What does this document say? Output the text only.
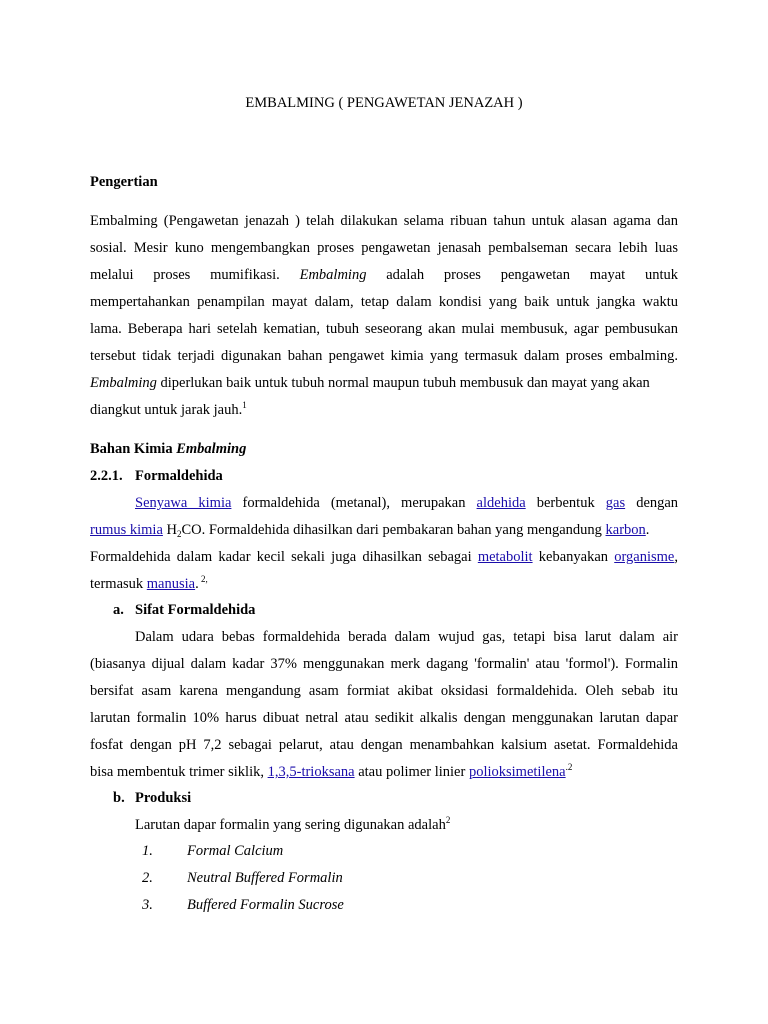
EMBALMING ( PENGAWETAN JENAZAH )
Pengertian
Embalming (Pengawetan jenazah ) telah dilakukan selama ribuan tahun untuk alasan agama dan
sosial. Mesir kuno mengembangkan proses pengawetan jenasah pembalseman secara lebih luas
melalui proses mumifikasi. Embalming adalah proses pengawetan mayat untuk
mempertahankan penampilan mayat dalam, tetap dalam kondisi yang baik untuk jangka waktu
lama. Beberapa hari setelah kematian, tubuh seseorang akan mulai membusuk, agar pembusukan
tersebut tidak terjadi digunakan bahan pengawet kimia yang termasuk dalam proses embalming.
Embalming diperlukan baik untuk tubuh normal maupun tubuh membusuk dan mayat yang akan
diangkut untuk jarak jauh.$^1$
Bahan Kimia Embalming
2.2.1. Formaldehida
Senyawa kimia formaldehida (metanal), merupakan aldehida berbentuk gas dengan
rumus kimia $H_2CO$. Formaldehida dihasilkan dari pembakaran bahan yang mengandung karbon.
Formaldehida dalam kadar kecil sekali juga dihasilkan sebagai metabolit kebanyakan organisme,
termasuk manusia. $^{2,}$
a. Sifat Formaldehida
Dalam udara bebas formaldehida berada dalam wujud gas, tetapi bisa larut dalam air
(biasanya dijual dalam kadar 37% menggunakan merk dagang 'formalin' atau 'formol'). Formalin
bersifat asam karena mengandung asam formiat akibat oksidasi formaldehida. Oleh sebab itu
larutan formalin 10% harus dibuat netral atau sedikit alkalis dengan menggunakan larutan dapar
fosfat dengan pH 7,2 sebagai pelarut, atau dengan menambahkan kalsium asetat. Formaldehida
bisa membentuk trimer siklik, 1,3,5-trioksana atau polimer linier polioksimetilena$^{.2}$
b. Produksi
Larutan dapar formalin yang sering digunakan adalah$^2$
1. Formal Calcium
2. Neutral Buffered Formalin
3. Buffered Formalin Sucrose
